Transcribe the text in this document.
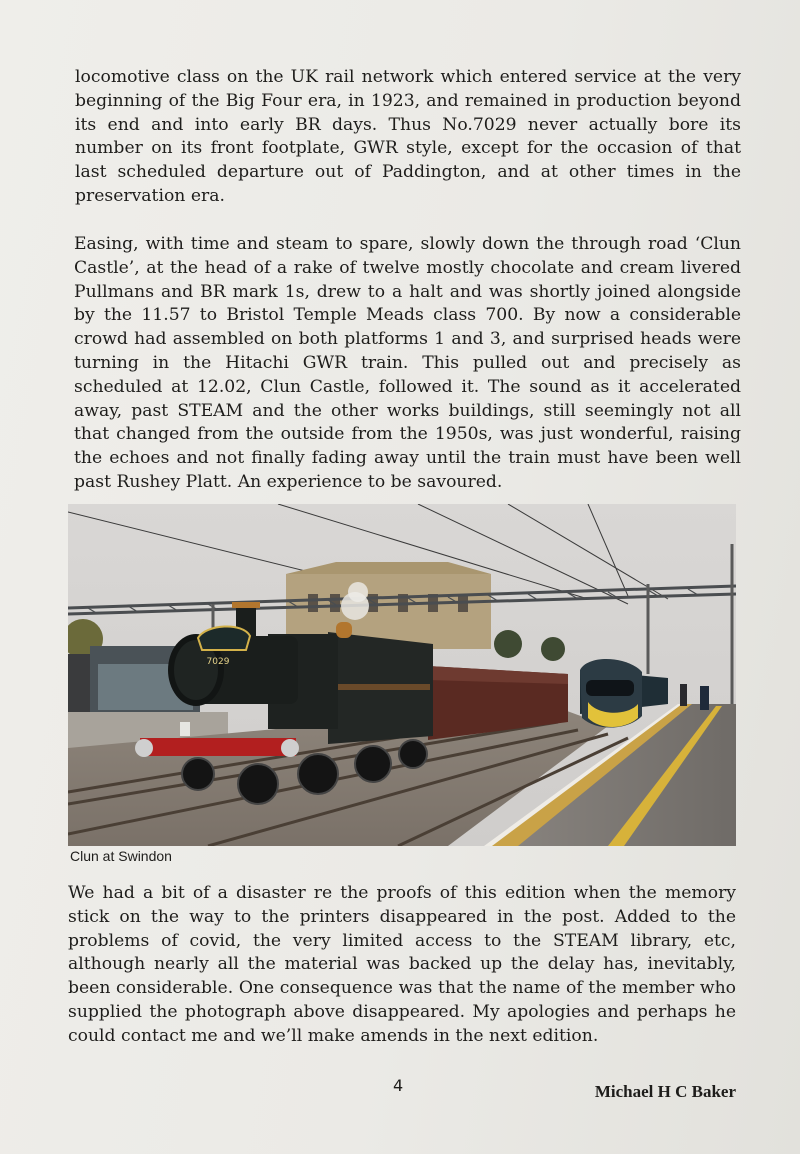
locomotive class on the UK rail network which entered service at the very beginning of the Big Four era, in 1923, and remained in production beyond its end and into early BR days. Thus No.7029 never actually bore its number on its front footplate, GWR style, except for the occasion of that last scheduled departure out of Paddington, and at other times in the preservation era.

Easing, with time and steam to spare, slowly down the through road ‘Clun Castle’, at the head of a rake of twelve mostly chocolate and cream livered Pullmans and BR mark 1s, drew to a halt and was shortly joined alongside by the 11.57 to Bristol Temple Meads class 700. By now a considerable crowd had assembled on both platforms 1 and 3, and surprised heads were turning in the Hitachi GWR train. This pulled out and precisely as scheduled at 12.02, Clun Castle, followed it. The sound as it accelerated away, past STEAM and the other works buildings, still seemingly not all that changed from the outside from the 1950s, was just wonderful, raising the echoes and not finally fading away until the train must have been well past Rushey Platt. An experience to be savoured.

7029
Clun at Swindon

We had a bit of a disaster re the proofs of this edition when the memory stick on the way to the printers disappeared in the post. Added to the problems of covid, the very limited access to the STEAM library, etc, although nearly all the material was backed up the delay has, inevitably, been considerable. One consequence was that the name of the member who supplied the photograph above disappeared. My apologies and perhaps he could contact me and we’ll make amends in the next edition.

4	Michael H C Baker
